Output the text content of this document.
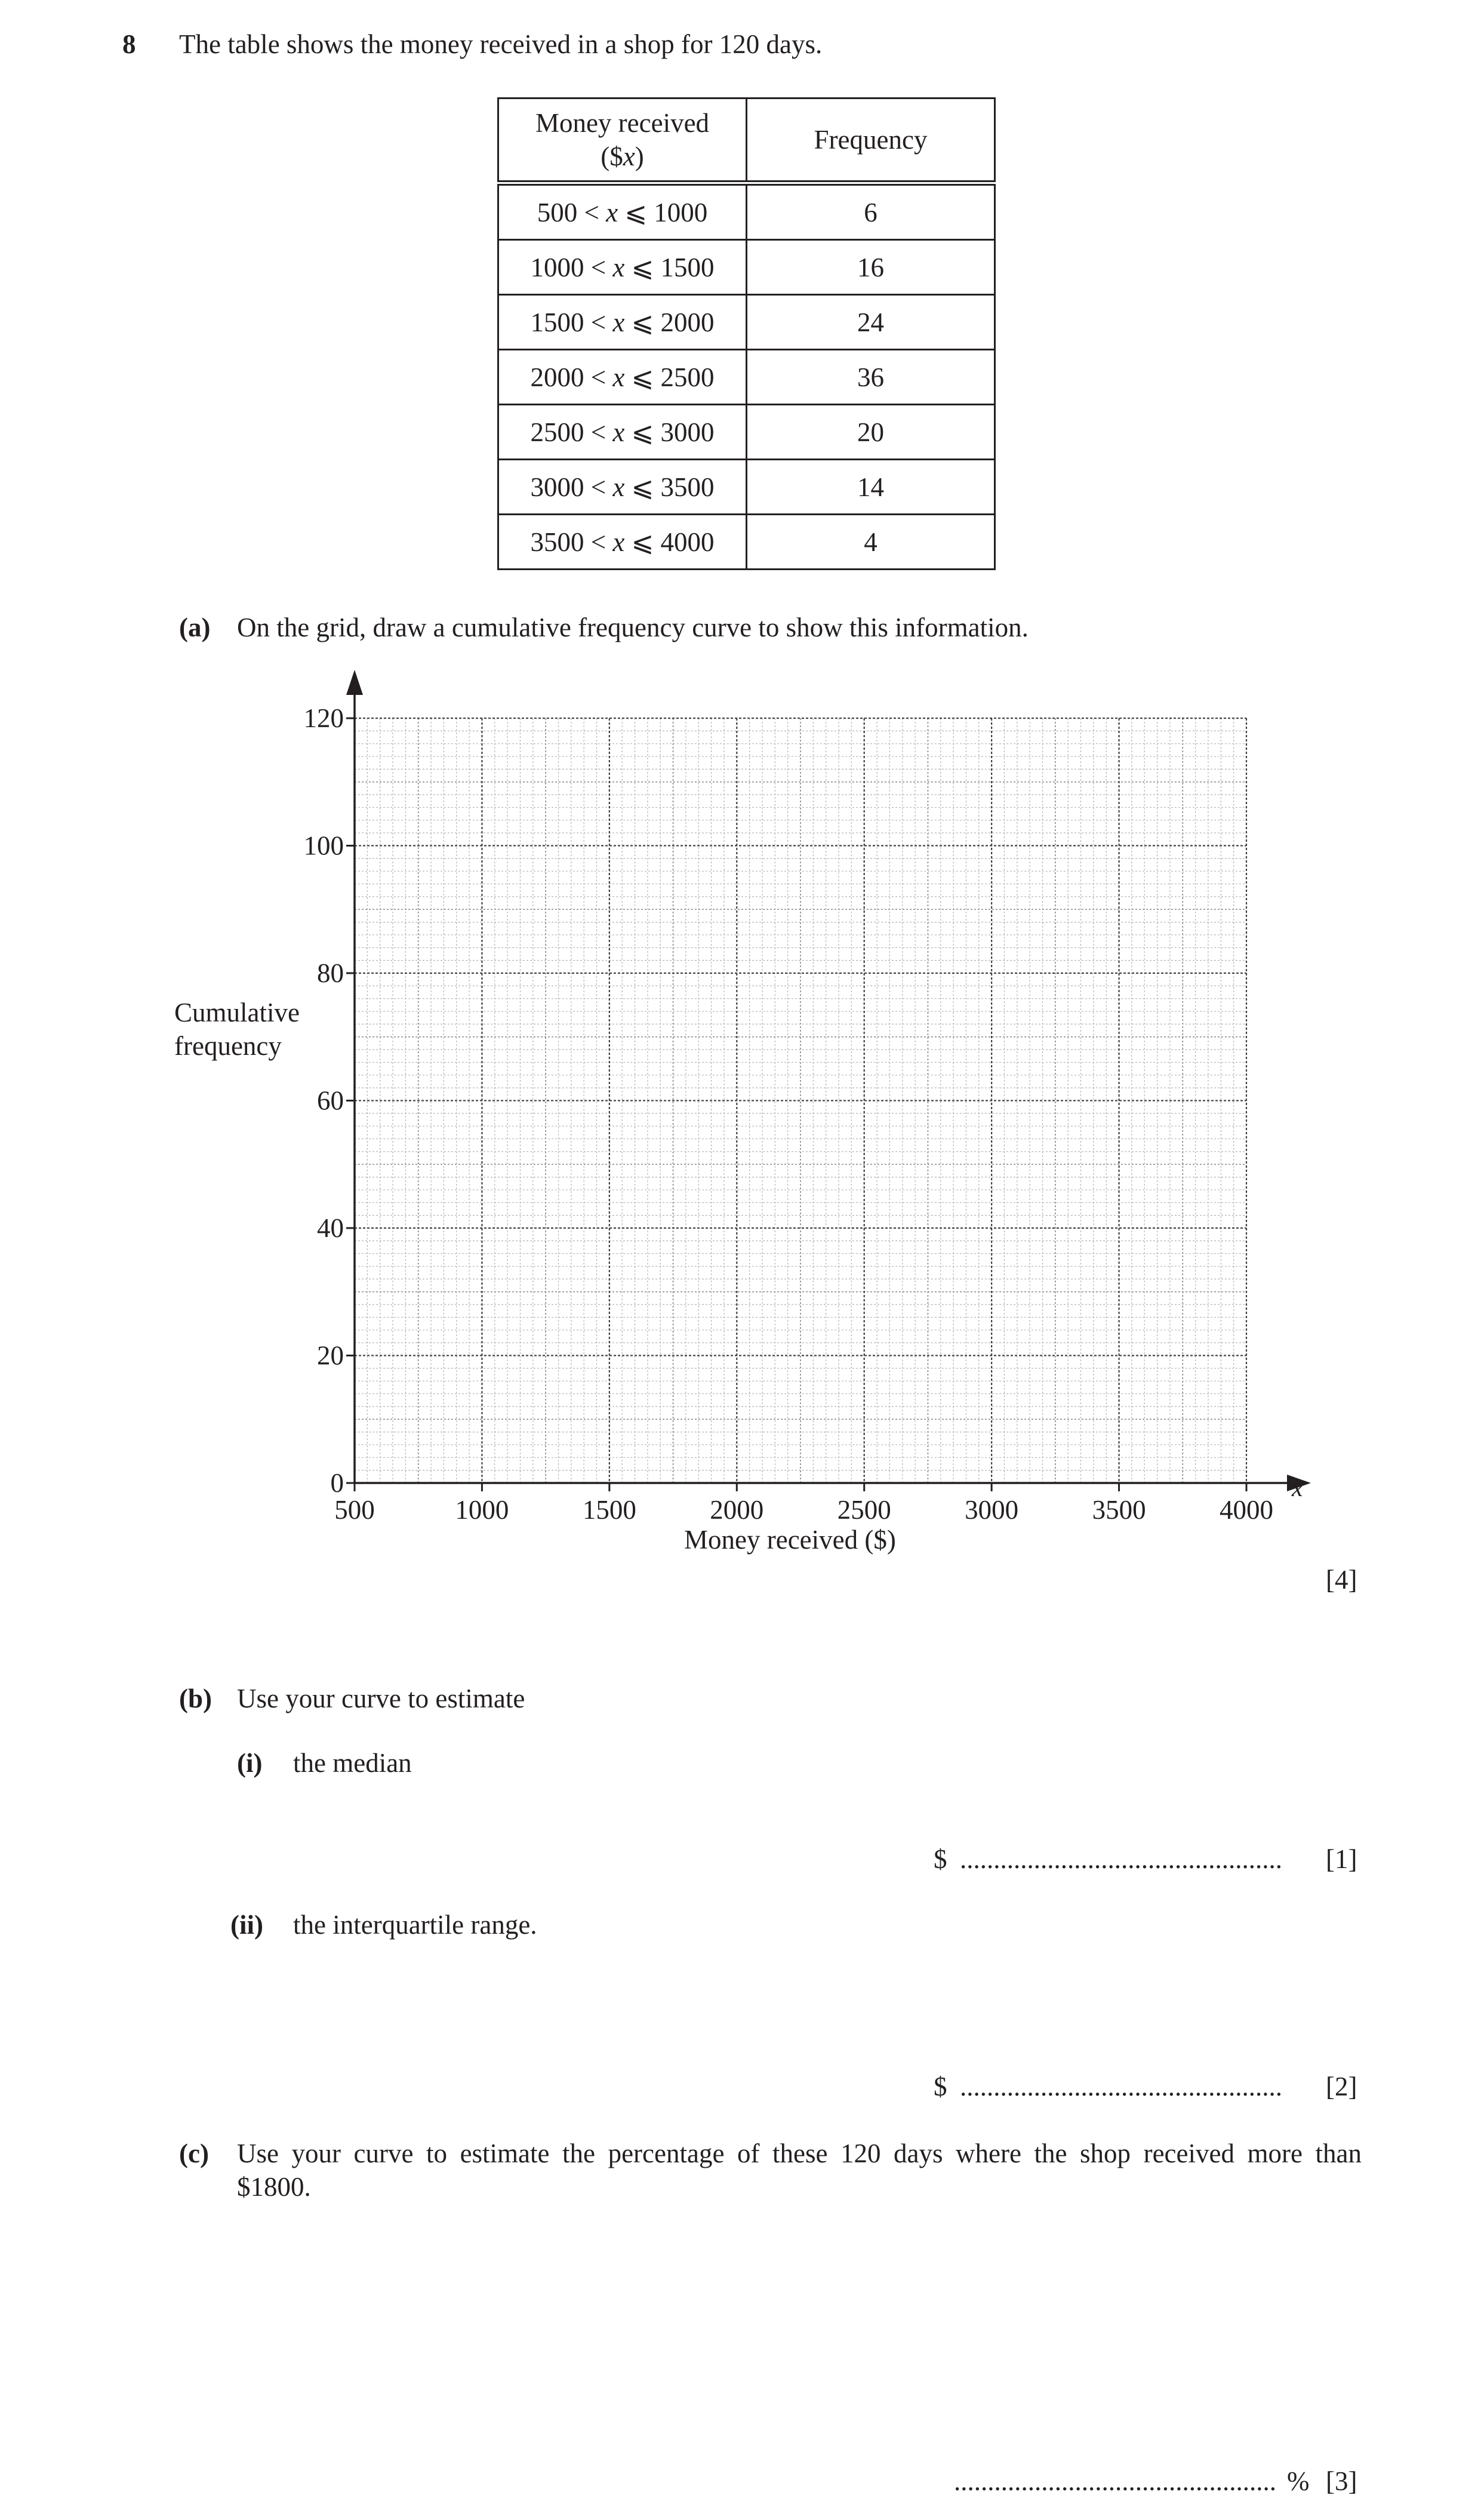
8 The table shows the money received in a shop for 120 days.
Money received
($x)	Frequency
500 < x ⩽ 1000	6
1000 < x ⩽ 1500	16
1500 < x ⩽ 2000	24
2000 < x ⩽ 2500	36
2500 < x ⩽ 3000	20
3000 < x ⩽ 3500	14
3500 < x ⩽ 4000	4
(a) On the grid, draw a cumulative frequency curve to show this information.
500	1000	1500	2000	2500	3000	3500	4000
0
20
40
60
80
100
120
Cumulative
frequency
Money received ($)
x
[4]
(b) Use your curve to estimate
(i) the median
$ ................................................ [1]
(ii) the interquartile range.
$ ................................................ [2]
(c) Use your curve to estimate the percentage of these 120 days where the shop received more than
$1800.
................................................ % [3]
